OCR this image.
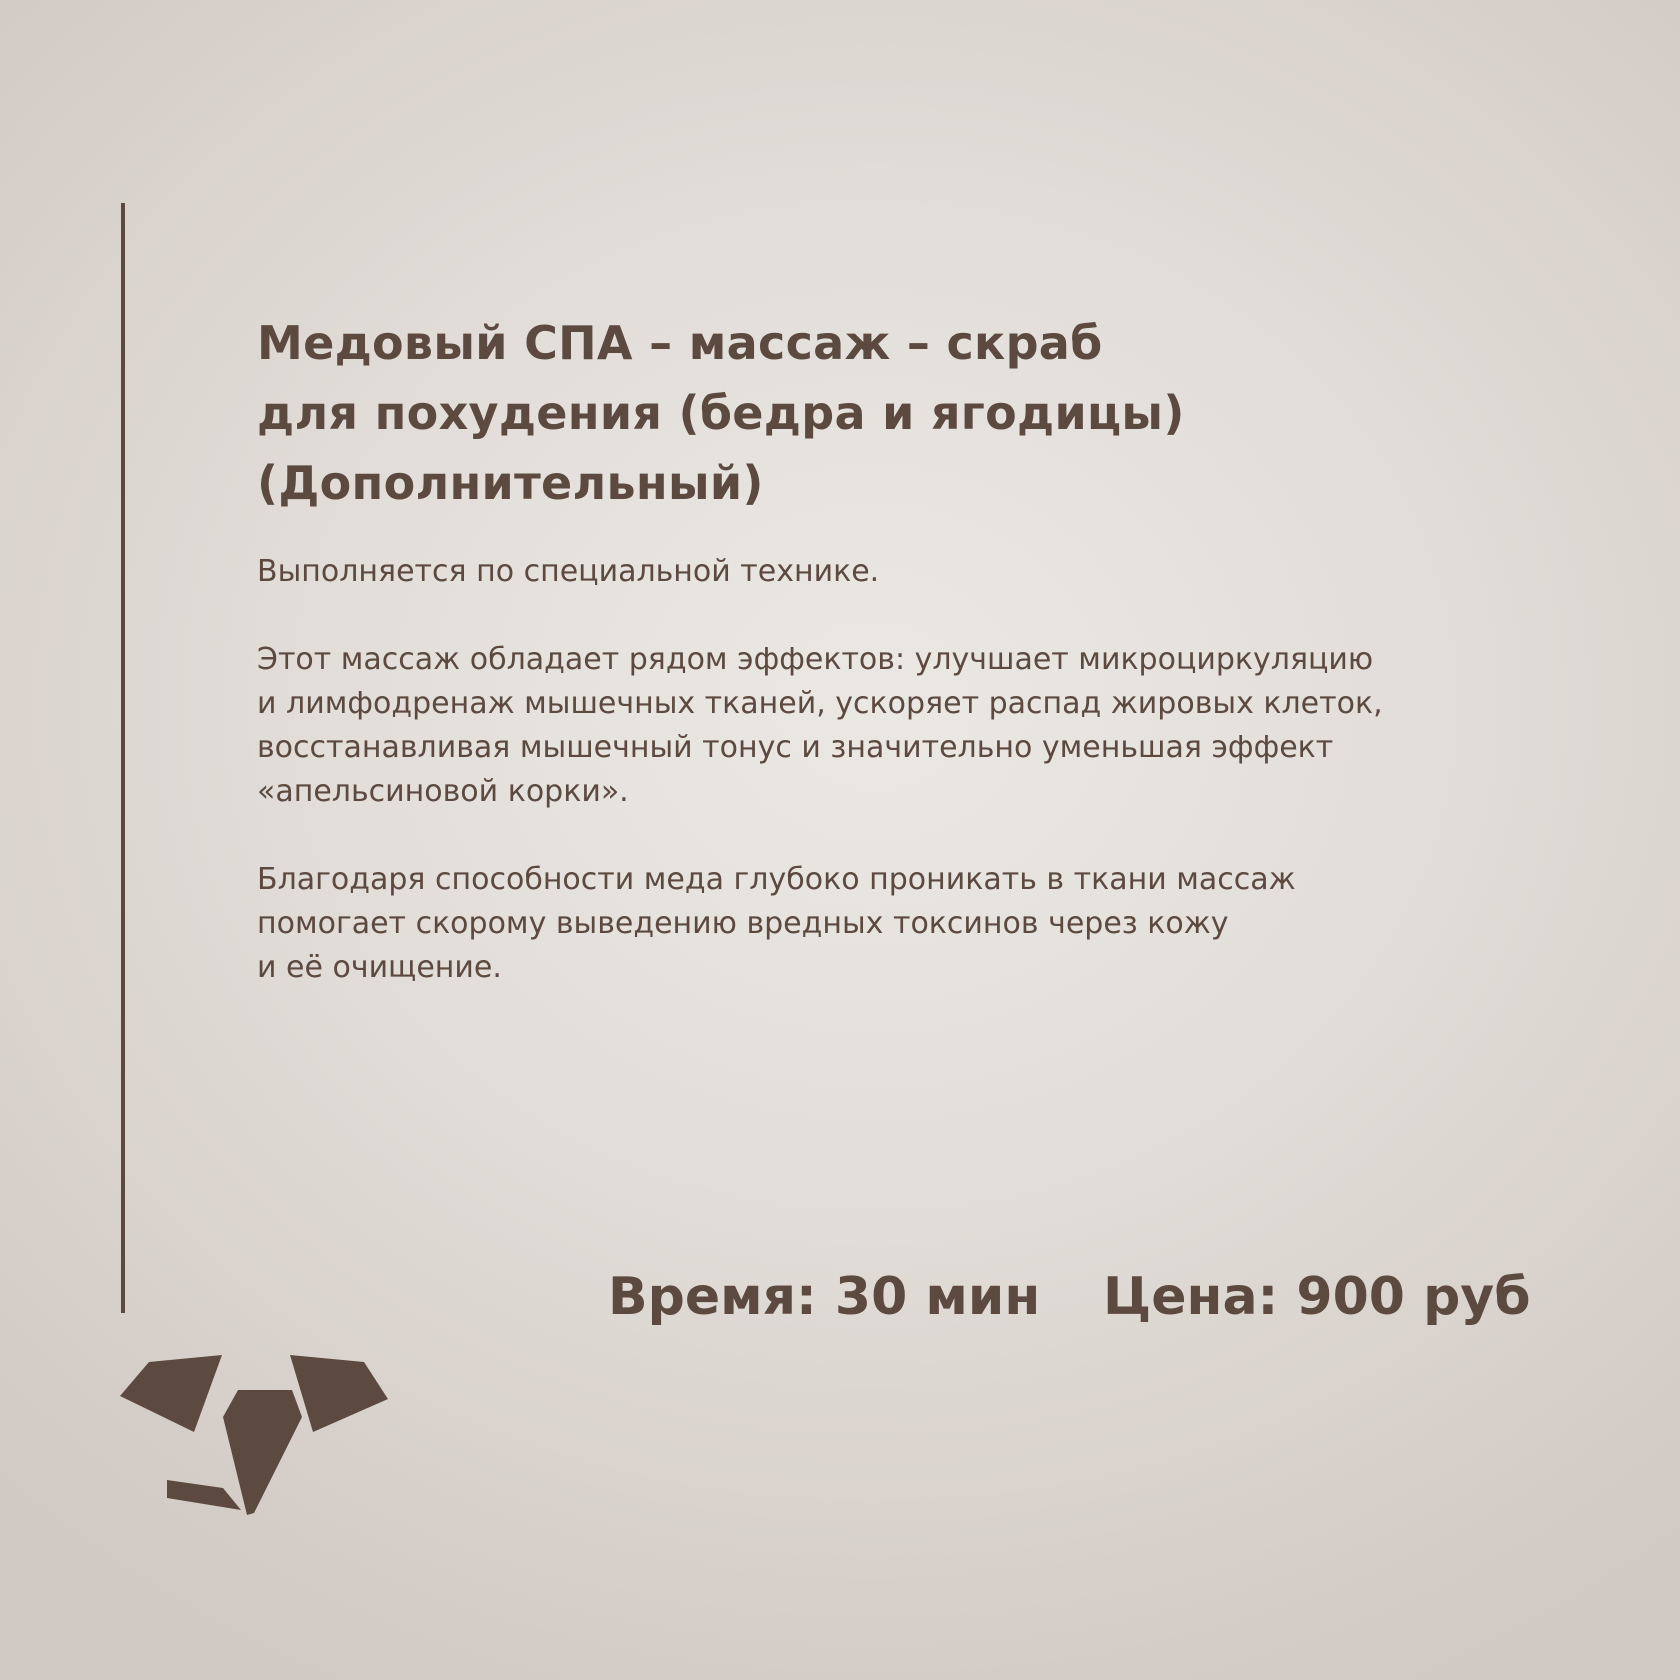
Медовый СПА – массаж – скраб
для похудения (бедра и ягодицы)
(Дополнительный)

Выполняется по специальной технике.

Этот массаж обладает рядом эффектов: улучшает микроциркуляцию
и лимфодренаж мышечных тканей, ускоряет распад жировых клеток,
восстанавливая мышечный тонус и значительно уменьшая эффект
«апельсиновой корки».

Благодаря способности меда глубоко проникать в ткани массаж
помогает скорому выведению вредных токсинов через кожу
и её очищение.

Время: 30 мин Цена: 900 руб
